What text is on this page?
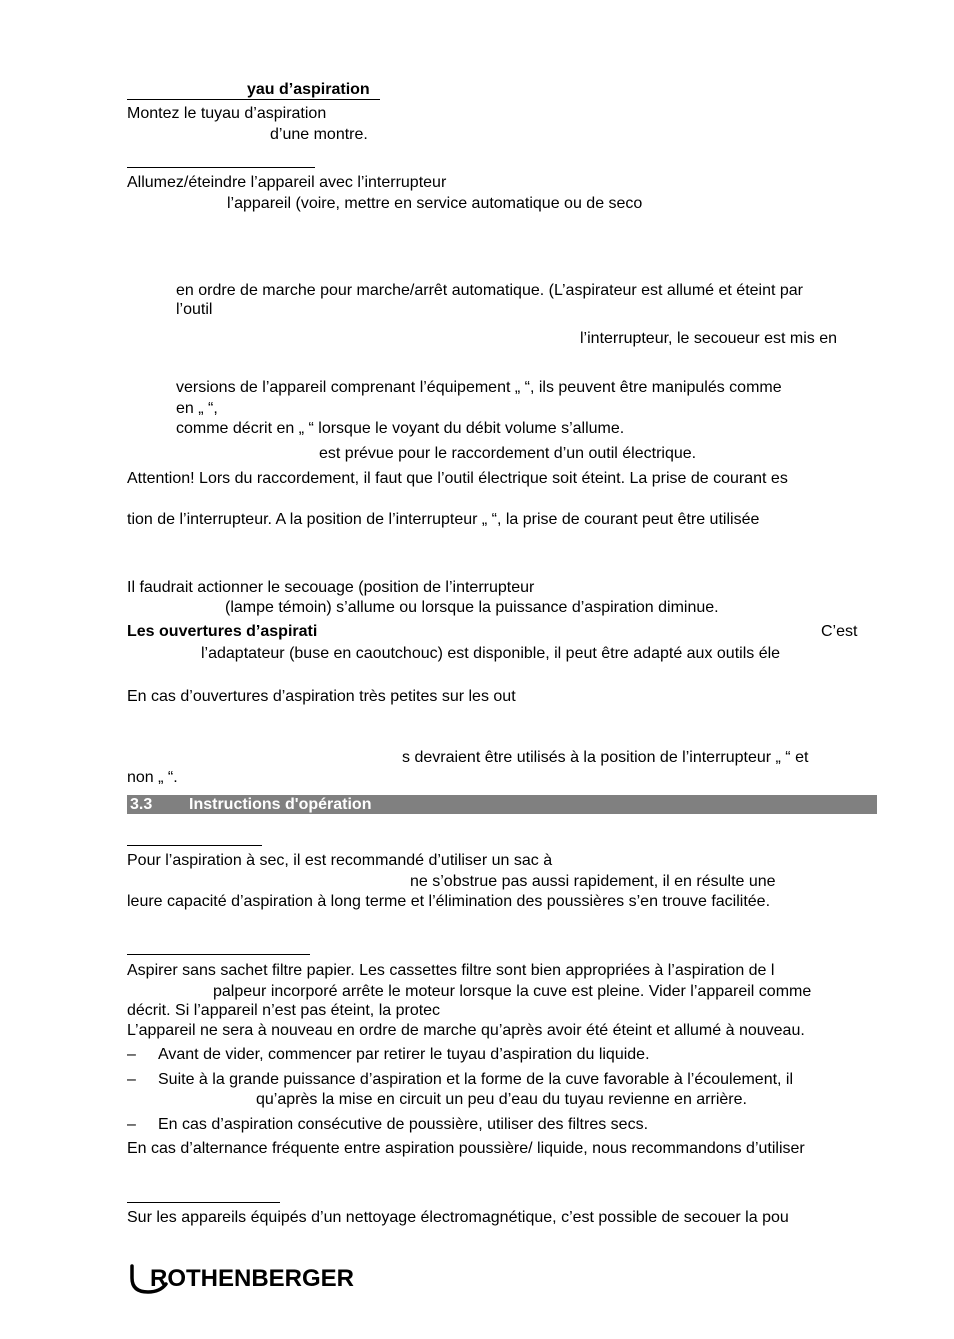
yau d’aspiration
Montez le tuyau d’aspiration
d’une montre.
Allumez/éteindre l’appareil avec l’interrupteur
l’appareil (voire, mettre en service automatique ou de seco
en ordre de marche pour marche/arrêt automatique. (L’aspirateur est allumé et éteint par
l’outil
l’interrupteur, le secoueur est mis en
versions de l’appareil comprenant l’équipement „ “, ils peuvent être manipulés comme
en „ “,
comme décrit en „ “ lorsque le voyant du débit volume s’allume.
est prévue pour le raccordement d’un outil électrique.
Attention! Lors du raccordement, il faut que l’outil électrique soit éteint. La prise de courant es
tion de l’interrupteur. A la position de l’interrupteur „ “, la prise de courant peut être utilisée
Il faudrait actionner le secouage (position de l’interrupteur
(lampe témoin) s’allume ou lorsque la puissance d’aspiration diminue.
Les ouvertures d’aspirati	C’est
l’adaptateur (buse en caoutchouc) est disponible, il peut être adapté aux outils éle
En cas d’ouvertures d’aspiration très petites sur les out
s devraient être utilisés à la position de l’interrupteur „ “ et
non „ “.
3.3 Instructions d'opération
Pour l’aspiration à sec, il est recommandé d’utiliser un sac à
ne s’obstrue pas aussi rapidement, il en résulte une
leure capacité d’aspiration à long terme et l’élimination des poussières s’en trouve facilitée.
Aspirer sans sachet filtre papier. Les cassettes filtre sont bien appropriées à l’aspiration de l
palpeur incorporé arrête le moteur lorsque la cuve est pleine. Vider l’appareil comme
décrit. Si l’appareil n’est pas éteint, la protec
L’appareil ne sera à nouveau en ordre de marche qu’après avoir été éteint et allumé à nouveau.
– Avant de vider, commencer par retirer le tuyau d’aspiration du liquide.
– Suite à la grande puissance d’aspiration et la forme de la cuve favorable à l’écoulement, il
qu’après la mise en circuit un peu d’eau du tuyau revienne en arrière.
– En cas d’aspiration consécutive de poussière, utiliser des filtres secs.
En cas d’alternance fréquente entre aspiration poussière/ liquide, nous recommandons d’utiliser
Sur les appareils équipés d’un nettoyage électromagnétique, c’est possible de secouer la pou
ROTHENBERGER
